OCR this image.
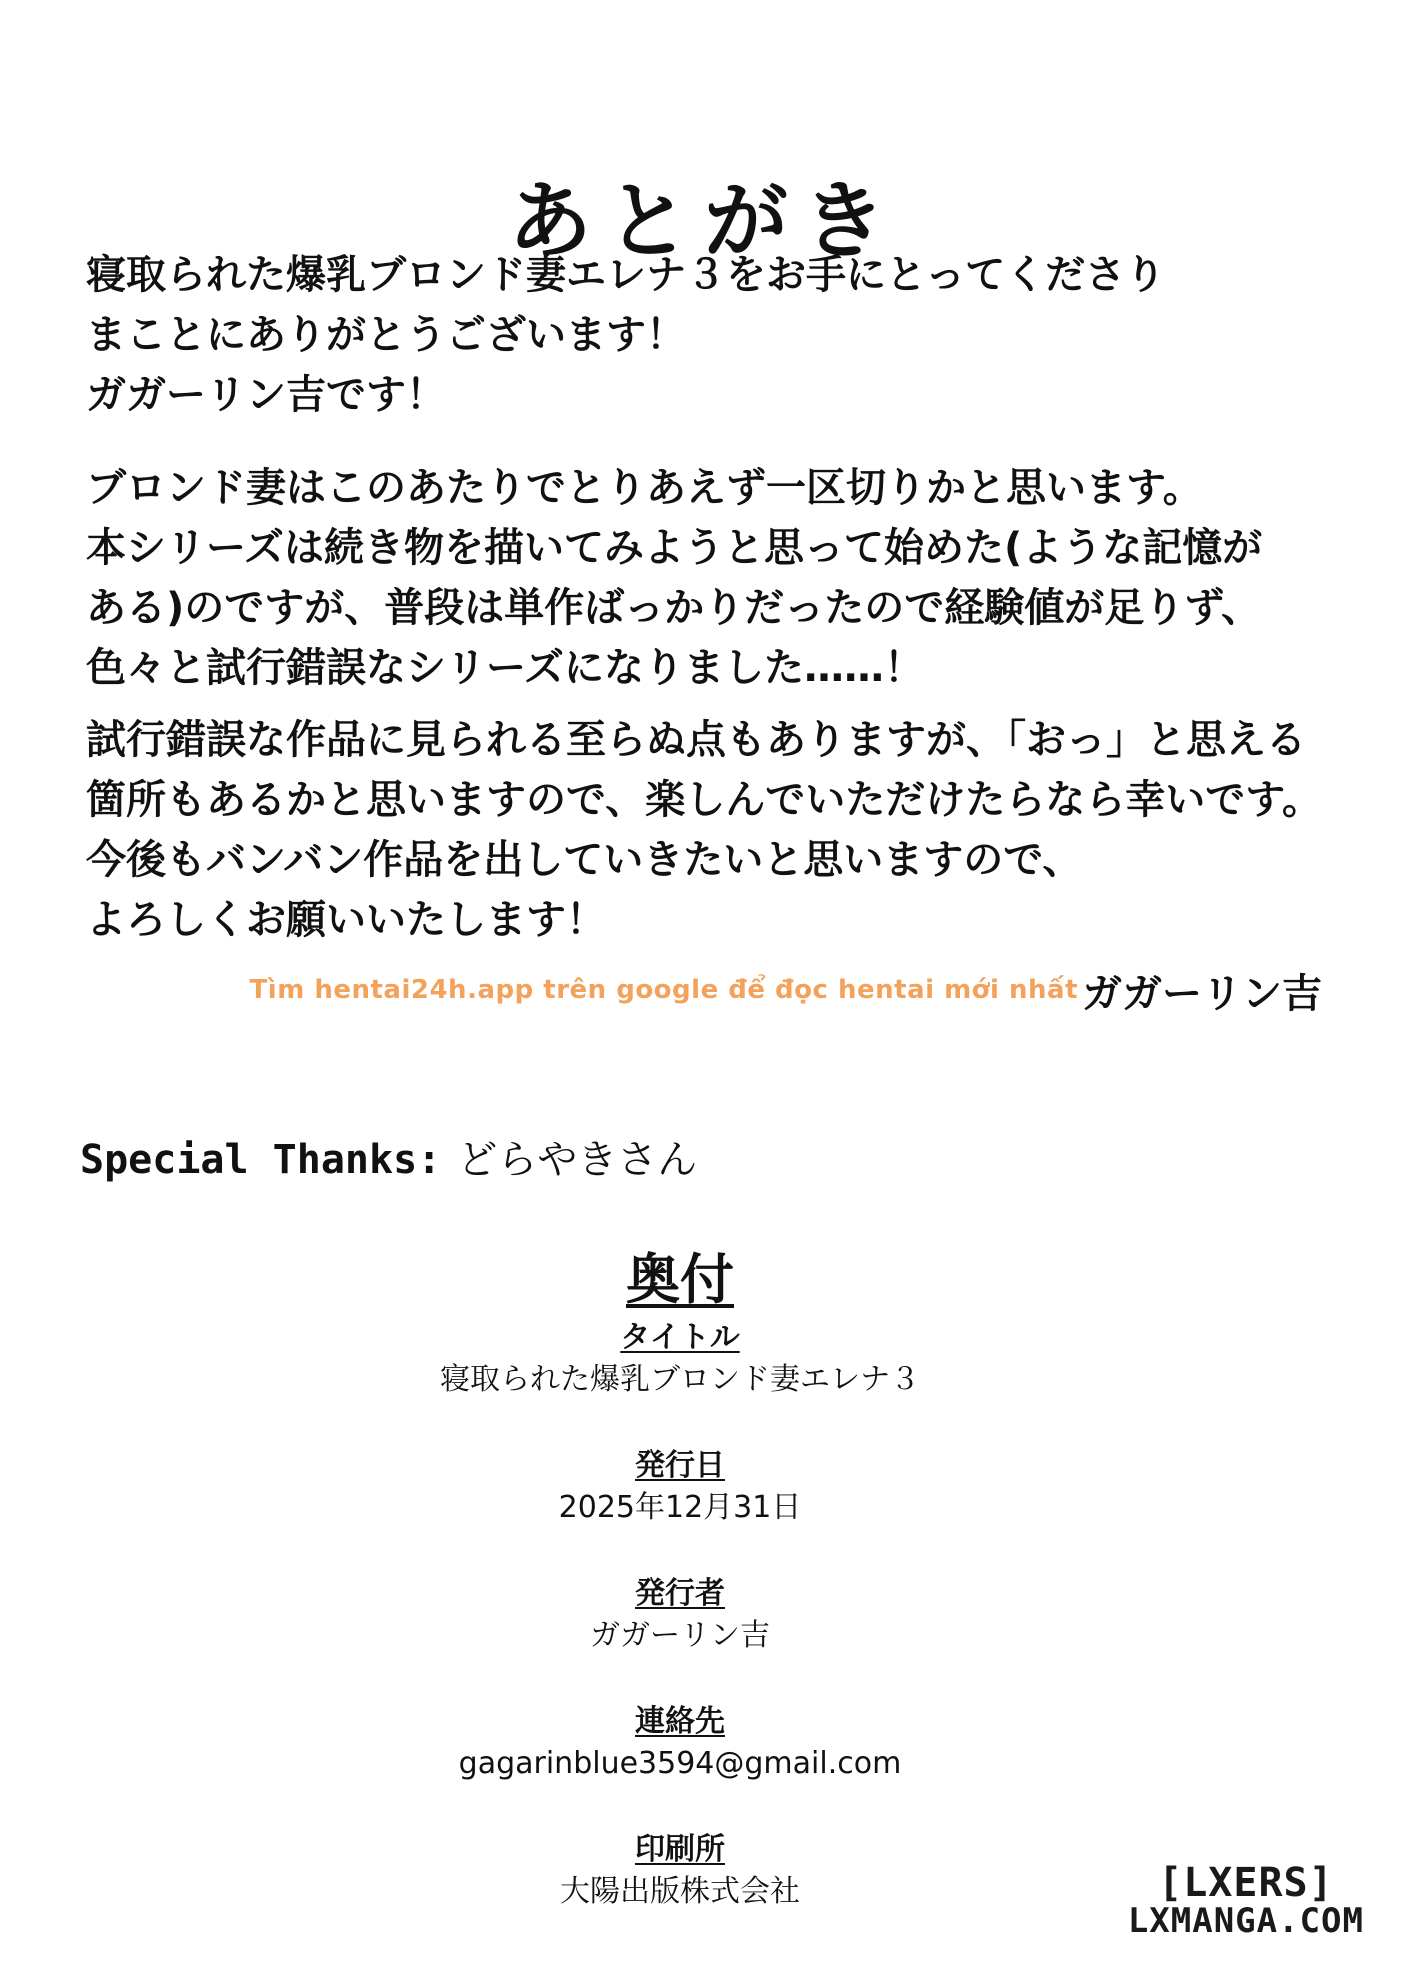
あとがき

寝取られた爆乳ブロンド妻エレナ３をお手にとってくださり
まことにありがとうございます！
ガガーリン吉です！

ブロンド妻はこのあたりでとりあえず一区切りかと思います。
本シリーズは続き物を描いてみようと思って始めた(ような記憶が
ある)のですが、普段は単作ばっかりだったので経験値が足りず、
色々と試行錯誤なシリーズになりました……！

試行錯誤な作品に見られる至らぬ点もありますが、「おっ」と思える
箇所もあるかと思いますので、楽しんでいただけたらなら幸いです。
今後もバンバン作品を出していきたいと思いますので、
よろしくお願いいたします！

Tìm hentai24h.app trên google để đọc hentai mới nhất ガガーリン吉
Special Thanks: どらやきさん
奥付
タイトル
寝取られた爆乳ブロンド妻エレナ３
発行日
2025年12月31日
発行者
ガガーリン吉
連絡先
gagarinblue3594@gmail.com
印刷所
大陽出版株式会社	[LXERS]
LXMANGA.COM
